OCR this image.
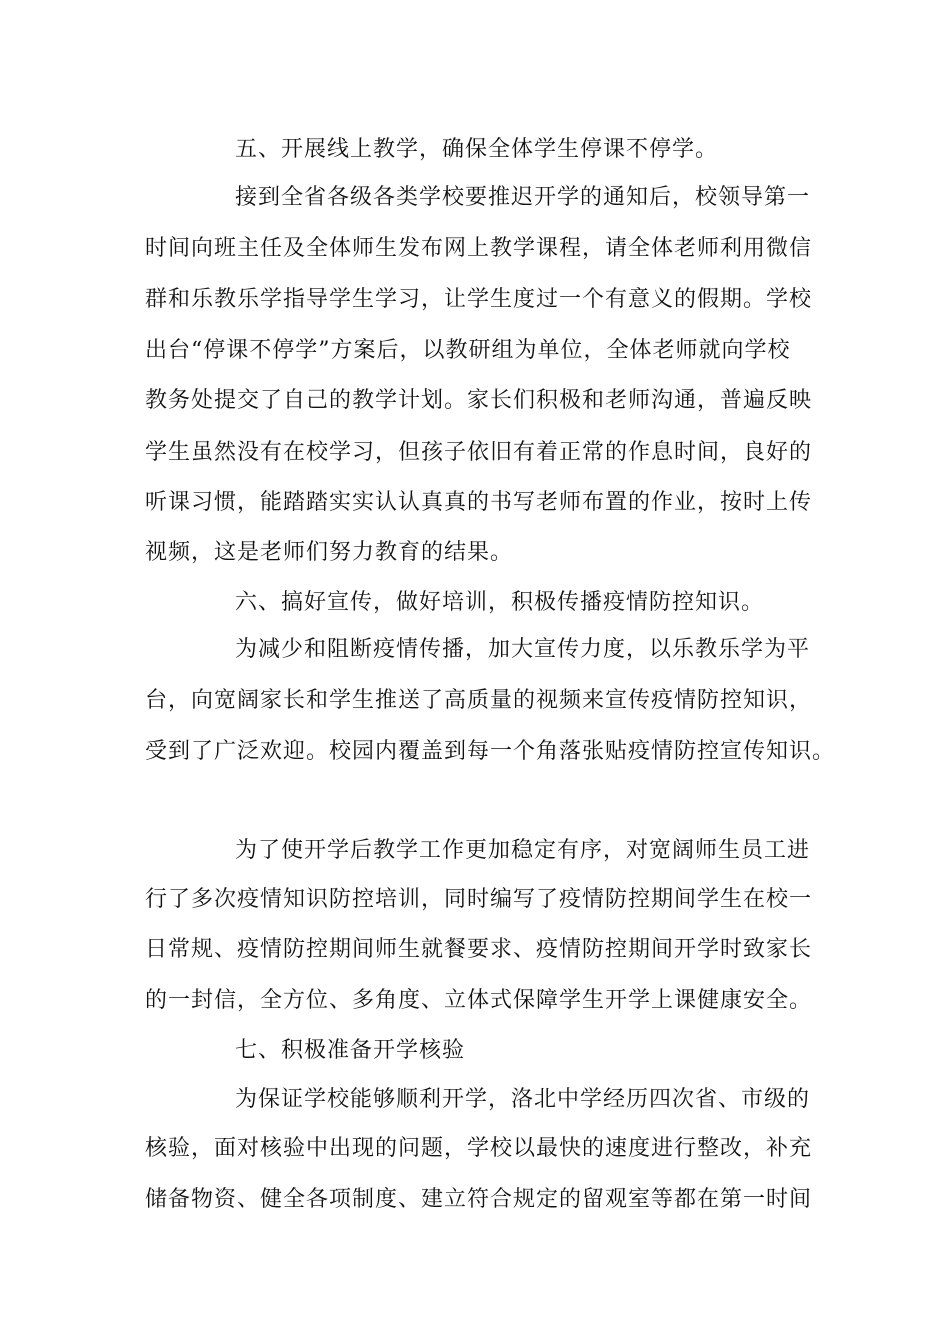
五、开展线上教学，确保全体学生停课不停学。
接到全省各级各类学校要推迟开学的通知后，校领导第一
时间向班主任及全体师生发布网上教学课程，请全体老师利用微信
群和乐教乐学指导学生学习，让学生度过一个有意义的假期。学校
出台“停课不停学”方案后，以教研组为单位，全体老师就向学校
教务处提交了自己的教学计划。家长们积极和老师沟通，普遍反映
学生虽然没有在校学习，但孩子依旧有着正常的作息时间，良好的
听课习惯，能踏踏实实认认真真的书写老师布置的作业，按时上传
视频，这是老师们努力教育的结果。
六、搞好宣传，做好培训，积极传播疫情防控知识。
为减少和阻断疫情传播，加大宣传力度，以乐教乐学为平
台，向宽阔家长和学生推送了高质量的视频来宣传疫情防控知识，
受到了广泛欢迎。校园内覆盖到每一个角落张贴疫情防控宣传知识。
为了使开学后教学工作更加稳定有序，对宽阔师生员工进
行了多次疫情知识防控培训，同时编写了疫情防控期间学生在校一
日常规、疫情防控期间师生就餐要求、疫情防控期间开学时致家长
的一封信，全方位、多角度、立体式保障学生开学上课健康安全。
七、积极准备开学核验
为保证学校能够顺利开学，洛北中学经历四次省、市级的
核验，面对核验中出现的问题，学校以最快的速度进行整改，补充
储备物资、健全各项制度、建立符合规定的留观室等都在第一时间
